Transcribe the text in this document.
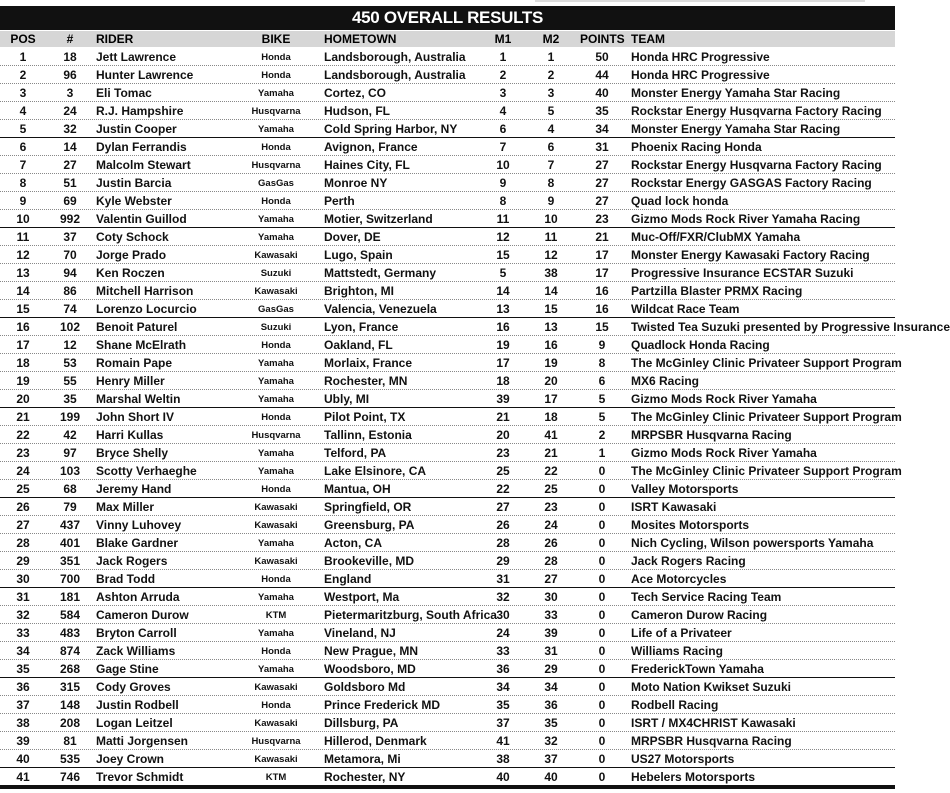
450 OVERALL RESULTS
POS	#	RIDER	BIKE	HOMETOWN	M1	M2	POINTS TEAM
1	18	Jett Lawrence	Honda	Landsborough, Australia	1	1	50	Honda HRC Progressive
2	96	Hunter Lawrence	Honda	Landsborough, Australia	2	2	44	Honda HRC Progressive
3	3	Eli Tomac	Yamaha	Cortez, CO	3	3	40	Monster Energy Yamaha Star Racing
4	24	R.J. Hampshire	Husqvarna	Hudson, FL	4	5	35	Rockstar Energy Husqvarna Factory Racing
5	32	Justin Cooper	Yamaha	Cold Spring Harbor, NY	6	4	34	Monster Energy Yamaha Star Racing
6	14	Dylan Ferrandis	Honda	Avignon, France	7	6	31	Phoenix Racing Honda
7	27	Malcolm Stewart	Husqvarna	Haines City, FL	10	7	27	Rockstar Energy Husqvarna Factory Racing
8	51	Justin Barcia	GasGas	Monroe NY	9	8	27	Rockstar Energy GASGAS Factory Racing
9	69	Kyle Webster	Honda	Perth	8	9	27	Quad lock honda
10	992	Valentin Guillod	Yamaha	Motier, Switzerland	11	10	23	Gizmo Mods Rock River Yamaha Racing
11	37	Coty Schock	Yamaha	Dover, DE	12	11	21	Muc-Off/FXR/ClubMX Yamaha
12	70	Jorge Prado	Kawasaki	Lugo, Spain	15	12	17	Monster Energy Kawasaki Factory Racing
13	94	Ken Roczen	Suzuki	Mattstedt, Germany	5	38	17	Progressive Insurance ECSTAR Suzuki
14	86	Mitchell Harrison	Kawasaki	Brighton, MI	14	14	16	Partzilla Blaster PRMX Racing
15	74	Lorenzo Locurcio	GasGas	Valencia, Venezuela	13	15	16	Wildcat Race Team
16	102	Benoit Paturel	Suzuki	Lyon, France	16	13	15	Twisted Tea Suzuki presented by Progressive Insurance
17	12	Shane McElrath	Honda	Oakland, FL	19	16	9	Quadlock Honda Racing
18	53	Romain Pape	Yamaha	Morlaix, France	17	19	8	The McGinley Clinic Privateer Support Program
19	55	Henry Miller	Yamaha	Rochester, MN	18	20	6	MX6 Racing
20	35	Marshal Weltin	Yamaha	Ubly, MI	39	17	5	Gizmo Mods Rock River Yamaha
21	199	John Short IV	Honda	Pilot Point, TX	21	18	5	The McGinley Clinic Privateer Support Program
22	42	Harri Kullas	Husqvarna	Tallinn, Estonia	20	41	2	MRPSBR Husqvarna Racing
23	97	Bryce Shelly	Yamaha	Telford, PA	23	21	1	Gizmo Mods Rock River Yamaha
24	103	Scotty Verhaeghe	Yamaha	Lake Elsinore, CA	25	22	0	The McGinley Clinic Privateer Support Program
25	68	Jeremy Hand	Honda	Mantua, OH	22	25	0	Valley Motorsports
26	79	Max Miller	Kawasaki	Springfield, OR	27	23	0	ISRT Kawasaki
27	437	Vinny Luhovey	Kawasaki	Greensburg, PA	26	24	0	Mosites Motorsports
28	401	Blake Gardner	Yamaha	Acton, CA	28	26	0	Nich Cycling, Wilson powersports Yamaha
29	351	Jack Rogers	Kawasaki	Brookeville, MD	29	28	0	Jack Rogers Racing
30	700	Brad Todd	Honda	England	31	27	0	Ace Motorcycles
31	181	Ashton Arruda	Yamaha	Westport, Ma	32	30	0	Tech Service Racing Team
32	584	Cameron Durow	KTM	Pietermaritzburg, South Africa 30	33	0	Cameron Durow Racing
33	483	Bryton Carroll	Yamaha	Vineland, NJ	24	39	0	Life of a Privateer
34	874	Zack Williams	Honda	New Prague, MN	33	31	0	Williams Racing
35	268	Gage Stine	Yamaha	Woodsboro, MD	36	29	0	FrederickTown Yamaha
36	315	Cody Groves	Kawasaki	Goldsboro Md	34	34	0	Moto Nation Kwikset Suzuki
37	148	Justin Rodbell	Honda	Prince Frederick MD	35	36	0	Rodbell Racing
38	208	Logan Leitzel	Kawasaki	Dillsburg, PA	37	35	0	ISRT / MX4CHRIST Kawasaki
39	81	Matti Jorgensen	Husqvarna	Hillerod, Denmark	41	32	0	MRPSBR Husqvarna Racing
40	535	Joey Crown	Kawasaki	Metamora, Mi	38	37	0	US27 Motorsports
41	746	Trevor Schmidt	KTM	Rochester, NY	40	40	0	Hebelers Motorsports
